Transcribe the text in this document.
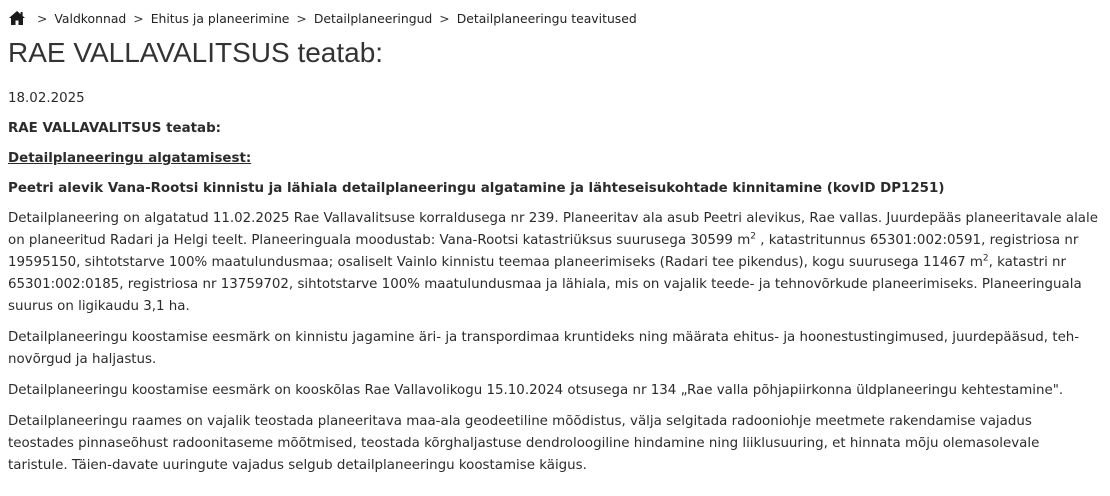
> Valdkonnad > Ehitus ja planeerimine > Detailplaneeringud > Detailplaneeringu teavitused
RAE VALLAVALITSUS teatab:
18.02.2025
RAE VALLAVALITSUS teatab:
Detailplaneeringu algatamisest:
Peetri alevik Vana-Rootsi kinnistu ja lähiala detailplaneeringu algatamine ja lähteseisukohtade kinnitamine (kovID DP1251)
Detailplaneering on algatatud 11.02.2025 Rae Vallavalitsuse korraldusega nr 239. Planeeritav ala asub Peetri alevikus, Rae vallas. Juurdepääs planeeritavale alale on planeeritud Radari ja Helgi teelt. Planeeringuala moodustab: Vana-Rootsi katastriüksus suurusega 30599 $m^2$ , katastritunnus 65301:002:0591, registriosa nr 19595150, sihtotstarve 100% maatulundusmaa; osaliselt Vainlo kinnistu teemaa planeerimiseks (Radari tee pikendus), kogu suurusega 11467 $m^2$, katastri nr 65301:002:0185, registriosa nr 13759702, sihtotstarve 100% maatulundusmaa ja lähiala, mis on vajalik teede- ja tehnovõrkude planeerimiseks. Planeeringuala suurus on ligikaudu 3,1 ha.
Detailplaneeringu koostamise eesmärk on kinnistu jagamine äri- ja transpordimaa kruntideks ning määrata ehitus- ja hoonestustingimused, juurdepääsud, teh-novõrgud ja haljastus.
Detailplaneeringu koostamise eesmärk on kooskõlas Rae Vallavolikogu 15.10.2024 otsusega nr 134 „Rae valla põhjapiirkonna üldplaneeringu kehtestamine".
Detailplaneeringu raames on vajalik teostada planeeritava maa-ala geodeetiline mõõdistus, välja selgitada radooniohje meetmete rakendamise vajadus teostades pinnaseõhust radoonitaseme mõõtmised, teostada kõrghaljastuse dendroloogiline hindamine ning liiklusuuring, et hinnata mõju olemasolevale taristule. Täien-davate uuringute vajadus selgub detailplaneeringu koostamise käigus.
